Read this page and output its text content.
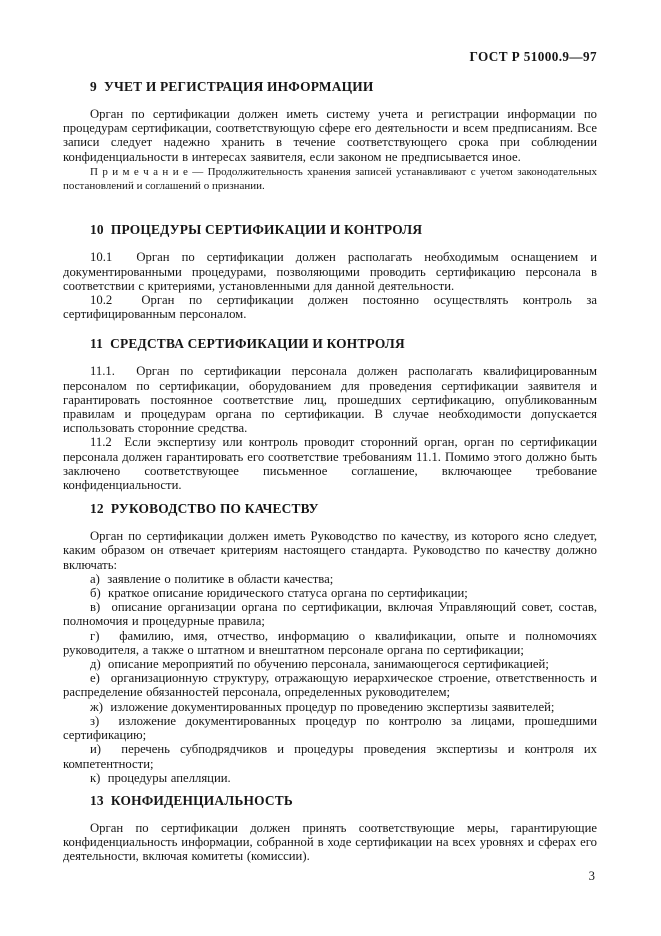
ГОСТ Р 51000.9—97
9  УЧЕТ И РЕГИСТРАЦИЯ ИНФОРМАЦИИ

Орган по сертификации должен иметь систему учета и регистрации информации по процедурам сертификации, соответствующую сфере его деятельности и всем предписаниям. Все записи следует надежно хранить в течение соответствующего срока при соблюдении конфиденциальности в интересах заявителя, если законом не предписывается иное.

П р и м е ч а н и е — Продолжительность хранения записей устанавливают с учетом законодательных постановлений и соглашений о признании.

10  ПРОЦЕДУРЫ СЕРТИФИКАЦИИ И КОНТРОЛЯ

10.1  Орган по сертификации должен располагать необходимым оснащением и документированными процедурами, позволяющими проводить сертификацию персонала в соответствии с критериями, установленными для данной деятельности.

10.2  Орган по сертификации должен постоянно осуществлять контроль за сертифицированным персоналом.

11  СРЕДСТВА СЕРТИФИКАЦИИ И КОНТРОЛЯ

11.1.  Орган по сертификации персонала должен располагать квалифицированным персоналом по сертификации, оборудованием для проведения сертификации заявителя и гарантировать постоянное соответствие лиц, прошедших сертификацию, опубликованным правилам и процедурам органа по сертификации. В случае необходимости допускается использовать сторонние средства.

11.2  Если экспертизу или контроль проводит сторонний орган, орган по сертификации персонала должен гарантировать его соответствие требованиям 11.1. Помимо этого должно быть заключено соответствующее письменное соглашение, включающее требование конфиденциальности.

12  РУКОВОДСТВО ПО КАЧЕСТВУ

Орган по сертификации должен иметь Руководство по качеству, из которого ясно следует, каким образом он отвечает критериям настоящего стандарта. Руководство по качеству должно включать:

а)  заявление о политике в области качества;

б)  краткое описание юридического статуса органа по сертификации;

в)  описание организации органа по сертификации, включая Управляющий совет, состав, полномочия и процедурные правила;

г)  фамилию, имя, отчество, информацию о квалификации, опыте и полномочиях руководителя, а также о штатном и внештатном персонале органа по сертификации;

д)  описание мероприятий по обучению персонала, занимающегося сертификацией;

е)  организационную структуру, отражающую иерархическое строение, ответственность и распределение обязанностей персонала, определенных руководителем;

ж)  изложение документированных процедур по проведению экспертизы заявителей;

з)  изложение документированных процедур по контролю за лицами, прошедшими сертификацию;

и)  перечень субподрядчиков и процедуры проведения экспертизы и контроля их компетентности;

к)  процедуры апелляции.

13  КОНФИДЕНЦИАЛЬНОСТЬ

Орган по сертификации должен принять соответствующие меры, гарантирующие конфиденциальность информации, собранной в ходе сертификации на всех уровнях и сферах его деятельности, включая комитеты (комиссии).

3
